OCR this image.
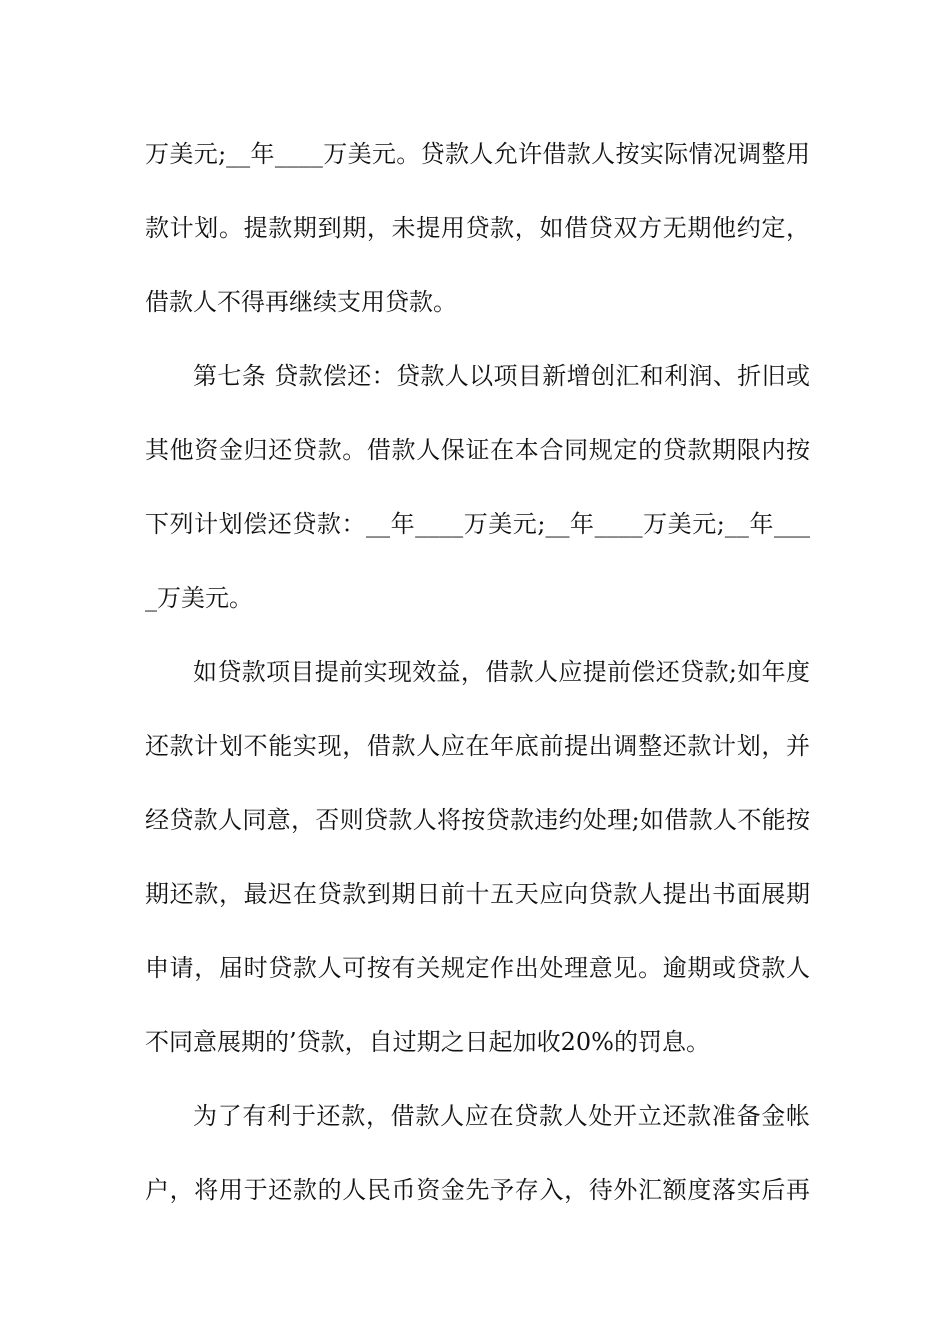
万美元;__年____万美元。贷款人允许借款人按实际情况调整用
款计划。提款期到期，未提用贷款，如借贷双方无期他约定，
借款人不得再继续支用贷款。
第七条 贷款偿还：贷款人以项目新增创汇和利润、折旧或
其他资金归还贷款。借款人保证在本合同规定的贷款期限内按
下列计划偿还贷款：__年____万美元;__年____万美元;__年___
_万美元。
如贷款项目提前实现效益，借款人应提前偿还贷款;如年度
还款计划不能实现，借款人应在年底前提出调整还款计划，并
经贷款人同意，否则贷款人将按贷款违约处理;如借款人不能按
期还款，最迟在贷款到期日前十五天应向贷款人提出书面展期
申请，届时贷款人可按有关规定作出处理意见。逾期或贷款人
不同意展期的’贷款，自过期之日起加收20%的罚息。
为了有利于还款，借款人应在贷款人处开立还款准备金帐
户，将用于还款的人民币资金先予存入，待外汇额度落实后再
